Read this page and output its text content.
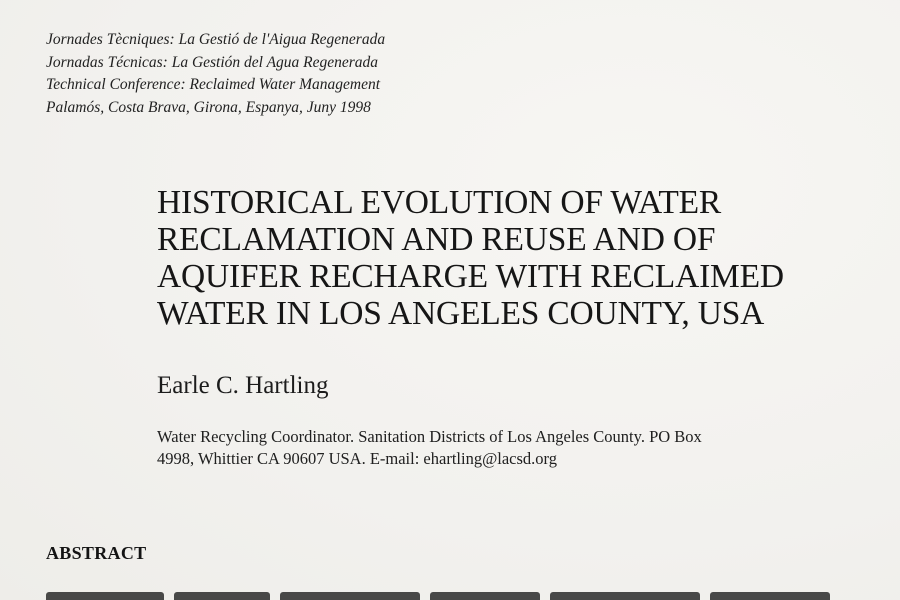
Jornades Tècniques: La Gestió de l'Aigua Regenerada
Jornadas Técnicas: La Gestión del Agua Regenerada
Technical Conference: Reclaimed Water Management
Palamós, Costa Brava, Girona, Espanya, Juny 1998
HISTORICAL EVOLUTION OF WATER
RECLAMATION AND REUSE AND OF
AQUIFER RECHARGE WITH RECLAIMED
WATER IN LOS ANGELES COUNTY, USA
Earle C. Hartling
Water Recycling Coordinator. Sanitation Districts of Los Angeles County. PO Box
4998, Whittier CA 90607 USA. E-mail: ehartling@lacsd.org
ABSTRACT
